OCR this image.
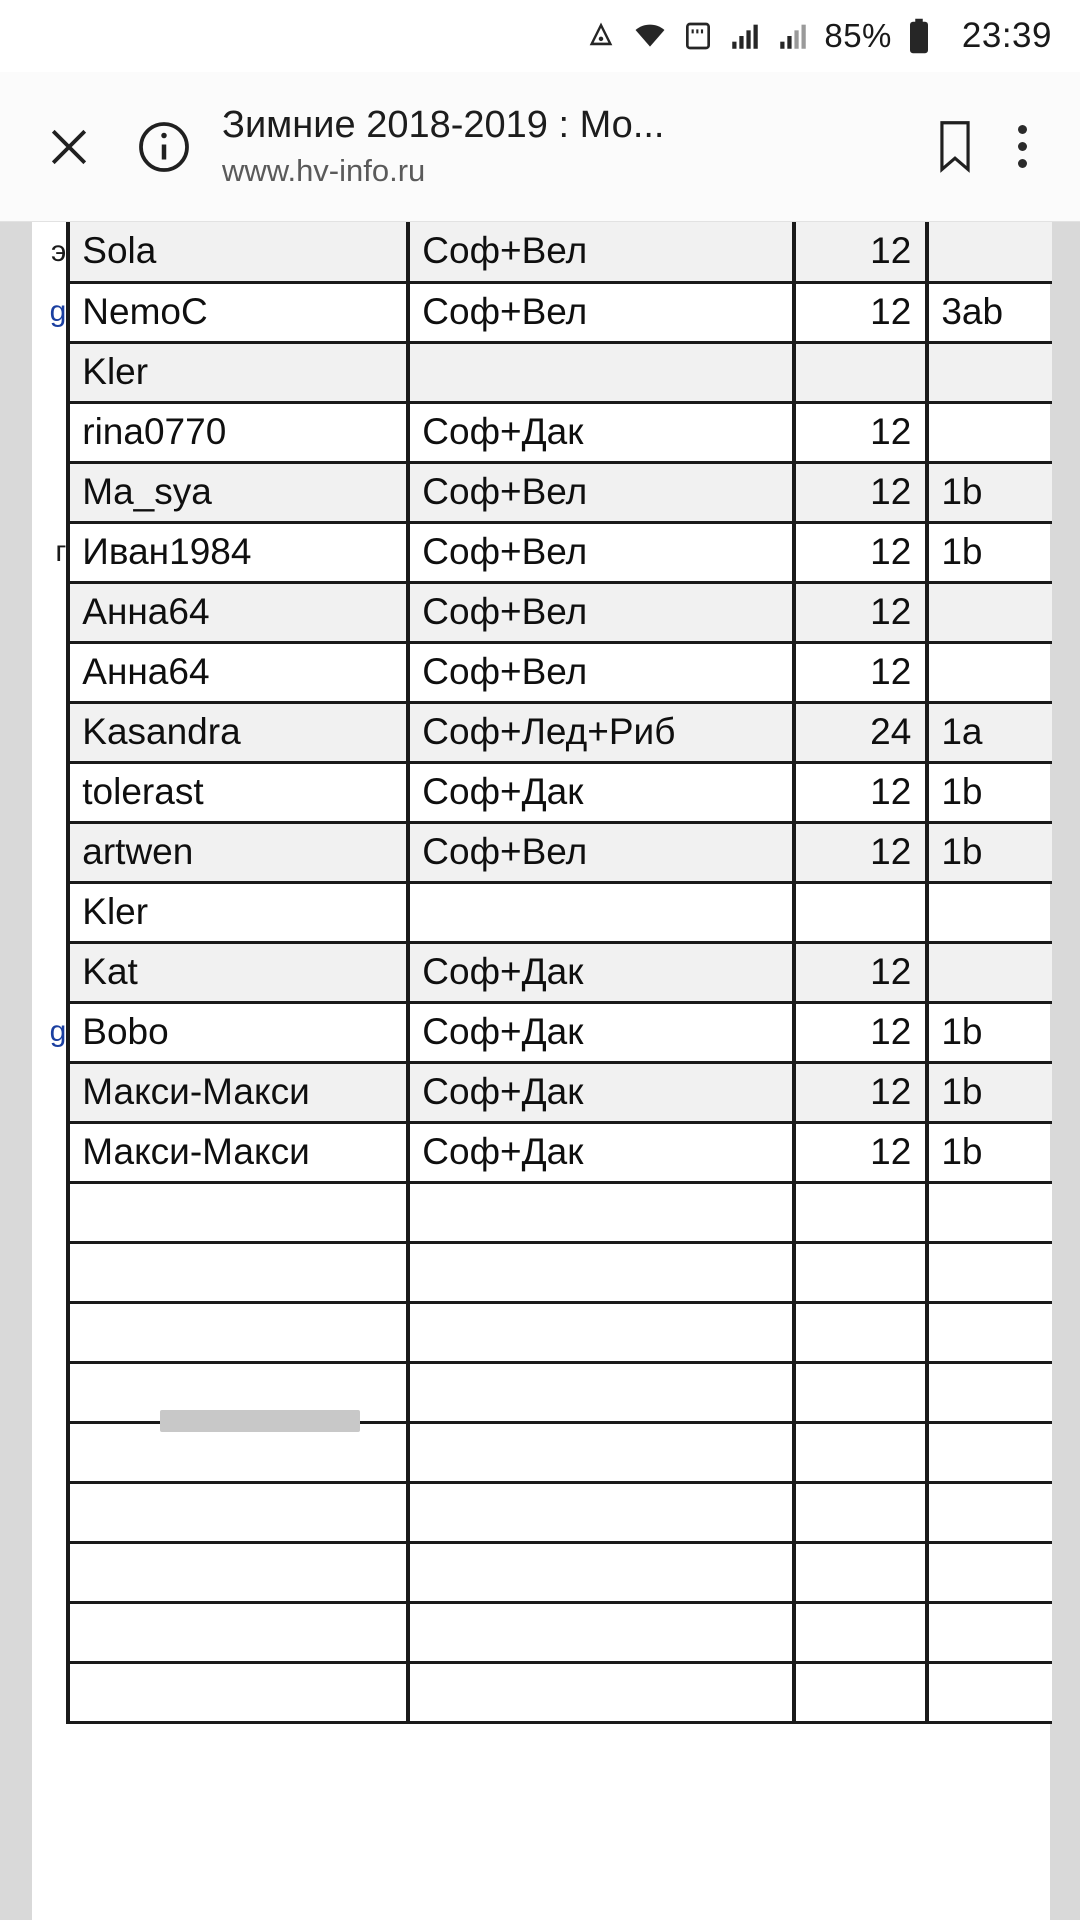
85% 23:39
Зимние 2018-2019 : Мо...
www.hv-info.ru
э	Sola	Соф+Вел	12	
g	NemoC	Соф+Вел	12	3ab
	Kler			
	rina0770	Соф+Дак	12	
	Ma_sya	Соф+Вел	12	1b
г	Иван1984	Соф+Вел	12	1b
	Анна64	Соф+Вел	12	
	Анна64	Соф+Вел	12	
	Kasandra	Соф+Лед+Риб	24	1a
	tolerast	Соф+Дак	12	1b
	artwen	Соф+Вел	12	1b
	Kler			
	Kat	Соф+Дак	12	
g	Bobo	Соф+Дак	12	1b
	Макси-Макси	Соф+Дак	12	1b
	Макси-Макси	Соф+Дак	12	1b
